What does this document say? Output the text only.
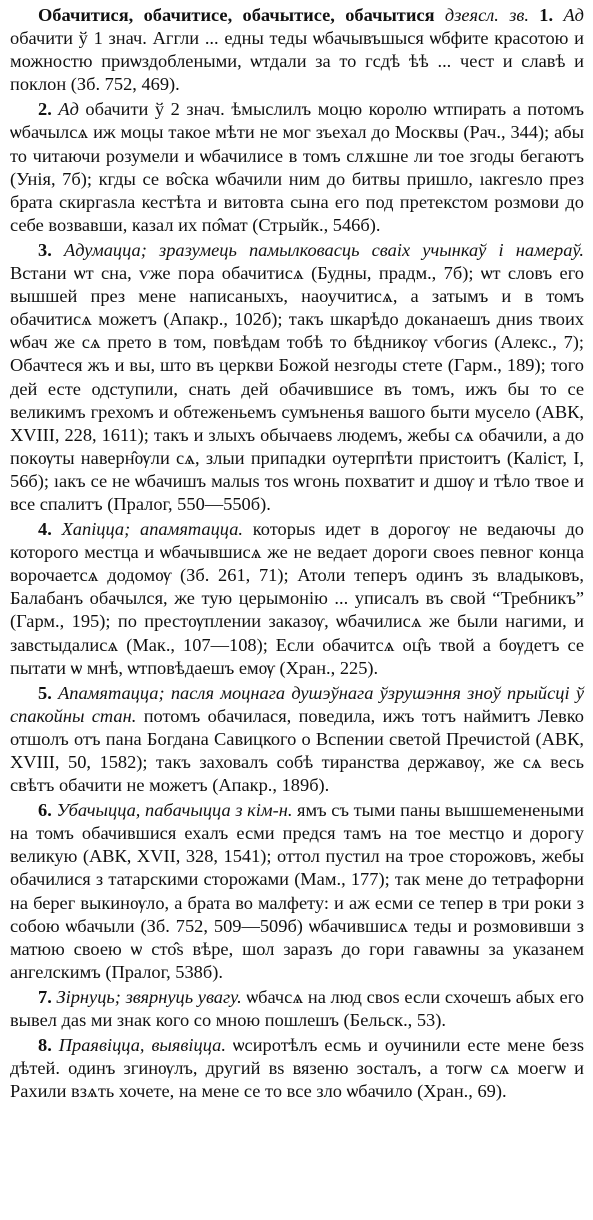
Обачитися, обачитисе, обачытисе, обачытися дзеясл. зв. 1. Ад обачити ў 1 знач. Аггли ... едны теды ѡбачывъшыся ѡбфите красотою и можностю приѡздоблеными, ѡтдали за то гсдѣ ѣѣ ... чест и славѣ и поклон (Зб. 752, 469).

2. Ад обачити ў 2 знач. ѣмыслилъ моцю королю ѡтпирать а потомъ ѡбачылсѧ иж моцы такое мѣти не мог зъехал до Москвы (Рач., 344); абы то читаючи розумели и ѡбачилисе в томъ слѫшне ли тое згоды бегаютъ (Унія, 7б); кгды се во̂ска ѡбачили ним до битвы пришло, ıакгеѕло през брата скиргаѕла кестѣта и витовта сына его под претекстом розмови до себе возвавши, казал их по̂мат (Стрыйк., 546б).

3. Адумацца; зразумець памылковасць сваіх учынкаў і намераў. Встани ѡт сна, ѵже пора обачитисѧ (Будны, прадм., 7б); ѡт словъ его вышшей през мене написаныхъ, наоучитисѧ, а затымъ и в томъ обачитисѧ можетъ (Апакр., 102б); такъ шкарѣдо доканаешъ дниѕ твоих ѡбач же сѧ прето в том, повѣдам тобѣ то бѣдникѹ ѵбогиѕ (Алекс., 7); Обачтеся жъ и вы, што въ церкви Божой незгоды стете (Гарм., 189); того дей есте одступили, снать дей обачившисе въ томъ, ижъ бы то се великимъ грехомъ и обтеженьемъ сумъненья вашого быти мусело (АВК, XVIII, 228, 1611); такъ и злыхъ обычаевѕ людемъ, жебы сѧ обачили, а до покѹты наверн̂ѹли сѧ, злыи припадки оутерпѣти пристоитъ (Каліст, I, 56б); ıакъ се не ѡбачишъ малыѕ тоѕ ѡгонь похватит и дшѹ и тѣло твое и все спалитъ (Пралог, 550—550б).

4. Хапіцца; апамятацца. которыѕ идет в дорогѹ не ведаючы до которого местца и ѡбачывшисѧ же не ведает дороги своеѕ певног конца ворочаетсѧ додомѹ (Зб. 261, 71); Атоли теперъ одинъ зъ владыковъ, Балабанъ обачылся, же тую церымонію ... уписалъ въ свой “Требникъ” (Гарм., 195); по престѹплении заказѹ, ѡбачилисѧ же были нагими, и завстыдалисѧ (Мак., 107—108); Если обачитсѧ оц̂ъ твой а бѹдетъ се пытати ѡ мнѣ, ѡтповѣдаешъ емѹ (Хран., 225).

5. Апамятацца; пасля моцнага душэўнага ўзрушэння зноў прыйсці ў спакойны стан. потомъ обачилася, поведила, ижъ тотъ наймитъ Левко отшолъ отъ пана Богдана Савицкого о Вспении светой Пречистой (АВК, XVIII, 50, 1582); такъ заховалъ собѣ тиранства державѹ, же сѧ весь свѣтъ обачити не можетъ (Апакр., 189б).

6. Убачыцца, пабачыцца з кім-н. ямъ съ тыми паны вышшеменеными на томъ обачившися ехалъ есми предся тамъ на тое местцо и дорогу великую (АВК, XVII, 328, 1541); оттол пустил на трое сторожовъ, жебы обачилися з татарскими сторожами (Мам., 177); так мене до тетрафорни на берег выкинѹло, а брата во малфету: и аж есми се тепер в три роки з собою ѡбачыли (Зб. 752, 509—509б) ѡбачившисѧ теды и розмовивши з матюю своею ѡ сто̂ѕ вѣре, шол заразъ до гори гаваѡны за указанем ангелскимъ (Пралог, 538б).

7. Зірнуць; звярнуць увагу. ѡбачсѧ на люд своѕ если схочешъ абых его вывел даѕ ми знак кого со мною пошлешъ (Бельск., 53).

8. Праявіцца, выявіцца. ѡсиротѣлъ есмь и оучинили есте мене безѕ дѣтей. одинъ згинѹлъ, другий вѕ вязеню зосталъ, а тогѡ сѧ моегѡ и Рахили взѧть хочете, на мене се то все зло ѡбачило (Хран., 69).
